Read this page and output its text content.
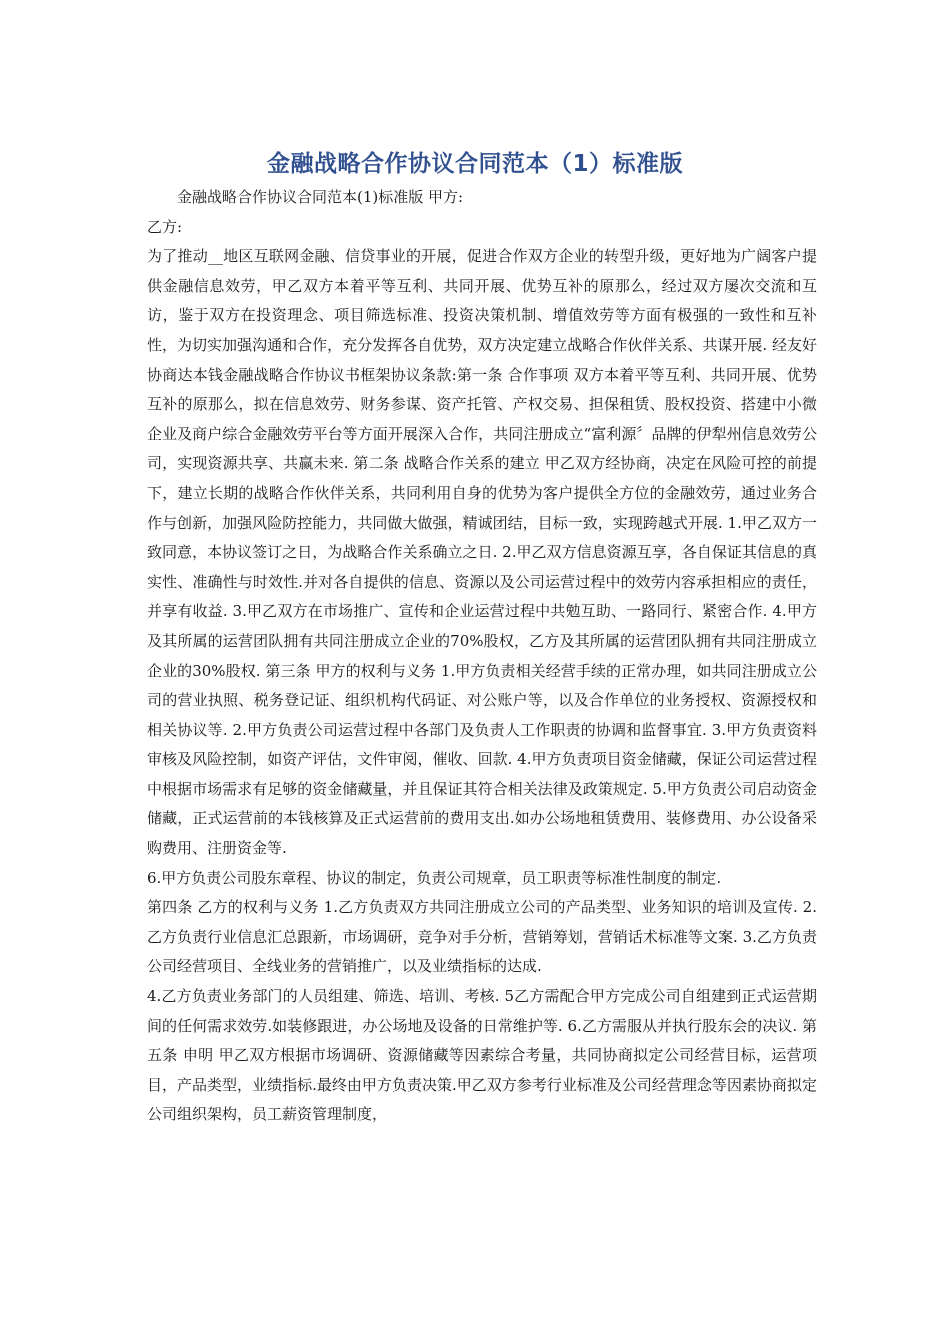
金融战略合作协议合同范本（1）标准版

金融战略合作协议合同范本(1)标准版 甲方:

乙方:

为了推动__地区互联网金融、信贷事业的开展，促进合作双方企业的转型升级，更好地为广阔客户提供金融信息效劳，甲乙双方本着平等互利、共同开展、优势互补的原那么，经过双方屡次交流和互访，鉴于双方在投资理念、项目筛选标准、投资决策机制、增值效劳等方面有极强的一致性和互补性，为切实加强沟通和合作，充分发挥各自优势，双方决定建立战略合作伙伴关系、共谋开展. 经友好协商达本钱金融战略合作协议书框架协议条款:第一条 合作事项 双方本着平等互利、共同开展、优势互补的原那么，拟在信息效劳、财务参谋、资产托管、产权交易、担保租赁、股权投资、搭建中小微企业及商户综合金融效劳平台等方面开展深入合作，共同注册成立“富利源〞品牌的伊犁州信息效劳公司，实现资源共享、共赢未来. 第二条 战略合作关系的建立 甲乙双方经协商，决定在风险可控的前提下，建立长期的战略合作伙伴关系，共同利用自身的优势为客户提供全方位的金融效劳，通过业务合作与创新，加强风险防控能力，共同做大做强，精诚团结，目标一致，实现跨越式开展. 1.甲乙双方一致同意，本协议签订之日，为战略合作关系确立之日. 2.甲乙双方信息资源互享，各自保证其信息的真实性、准确性与时效性.并对各自提供的信息、资源以及公司运营过程中的效劳内容承担相应的责任，并享有收益. 3.甲乙双方在市场推广、宣传和企业运营过程中共勉互助、一路同行、紧密合作. 4.甲方及其所属的运营团队拥有共同注册成立企业的70%股权，乙方及其所属的运营团队拥有共同注册成立企业的30%股权. 第三条 甲方的权利与义务 1.甲方负责相关经营手续的正常办理，如共同注册成立公司的营业执照、税务登记证、组织机构代码证、对公账户等，以及合作单位的业务授权、资源授权和相关协议等. 2.甲方负责公司运营过程中各部门及负责人工作职责的协调和监督事宜. 3.甲方负责资料审核及风险控制，如资产评估，文件审阅，催收、回款. 4.甲方负责项目资金储藏，保证公司运营过程中根据市场需求有足够的资金储藏量，并且保证其符合相关法律及政策规定. 5.甲方负责公司启动资金储藏，正式运营前的本钱核算及正式运营前的费用支出.如办公场地租赁费用、装修费用、办公设备采购费用、注册资金等.

6.甲方负责公司股东章程、协议的制定，负责公司规章，员工职责等标准性制度的制定.

第四条 乙方的权利与义务 1.乙方负责双方共同注册成立公司的产品类型、业务知识的培训及宣传. 2.乙方负责行业信息汇总跟新，市场调研，竞争对手分析，营销筹划，营销话术标准等文案. 3.乙方负责公司经营项目、全线业务的营销推广，以及业绩指标的达成.

4.乙方负责业务部门的人员组建、筛选、培训、考核. 5乙方需配合甲方完成公司自组建到正式运营期间的任何需求效劳.如装修跟进，办公场地及设备的日常维护等. 6.乙方需服从并执行股东会的决议. 第五条 申明 甲乙双方根据市场调研、资源储藏等因素综合考量，共同协商拟定公司经营目标，运营项目，产品类型，业绩指标.最终由甲方负责决策.甲乙双方参考行业标准及公司经营理念等因素协商拟定公司组织架构，员工薪资管理制度，
